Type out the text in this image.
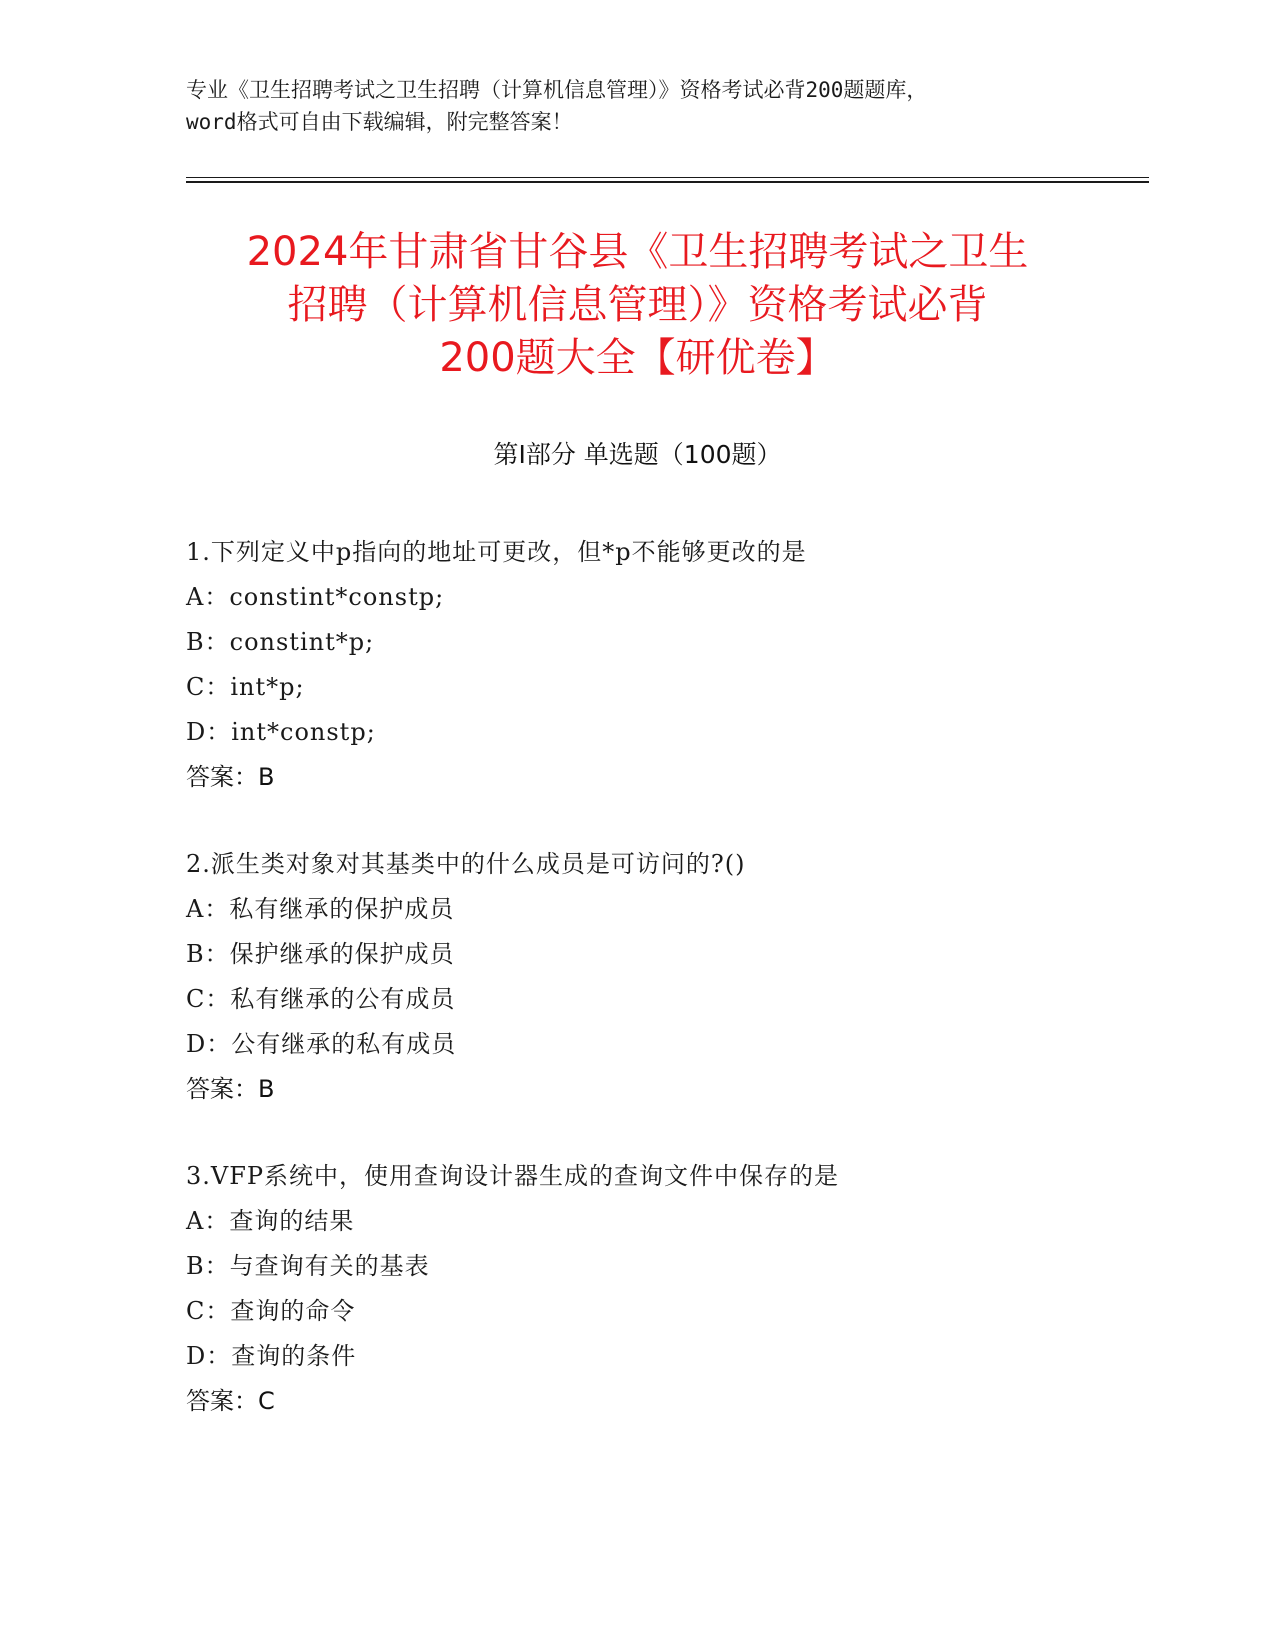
专业《卫生招聘考试之卫生招聘（计算机信息管理）》资格考试必背200题题库，
word格式可自由下载编辑，附完整答案！
2024年甘肃省甘谷县《卫生招聘考试之卫生
招聘（计算机信息管理）》资格考试必背
200题大全【研优卷】
第Ⅰ部分 单选题（100题）
1.下列定义中p指向的地址可更改，但*p不能够更改的是
A：constint*constp;
B：constint*p;
C：int*p;
D：int*constp;
答案：B
2.派生类对象对其基类中的什么成员是可访问的?()
A：私有继承的保护成员
B：保护继承的保护成员
C：私有继承的公有成员
D：公有继承的私有成员
答案：B
3.VFP系统中，使用查询设计器生成的查询文件中保存的是
A：查询的结果
B：与查询有关的基表
C：查询的命令
D：查询的条件
答案：C
